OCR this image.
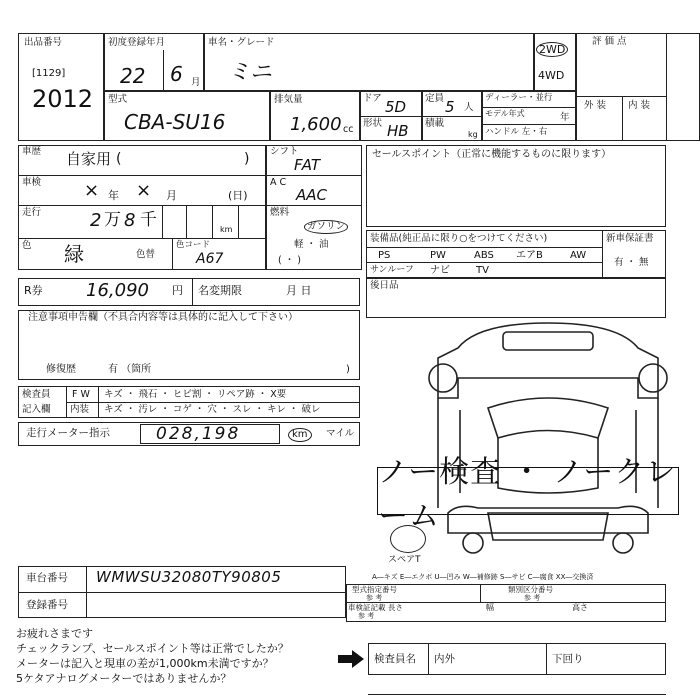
出品番号
[1129]
2012
初度登録年月
22 6 月
車名・グレード
ミニ
2WD
4WD
評 価 点
外 装 内 装
型式
CBA-SU16
排気量
1,600 cc
ドア 5D
形状 HB
定員 5 人
積載
kg
ディーラー・並行
モデル年式	年
ハンドル 左・右
車歴 自家用 (	)
車検 × 年 × 月	(日)
走行	2 万 8 千	km
色 緑	色替
色コード
A67
シフト
FAT
A C
AAC
燃料
ガソリン
軽 ・ 油
( ・ )
セールスポイント（正常に機能するものに限ります）
装備品(純正品に限り○をつけてください)
PS	PW	ABS エアB	AW
サンルーフ ナビ	TV
新車保証書
有 ・ 無
R券 16,090 円 名変期限	月 日	後日品
注意事項申告欄（不具合内容等は具体的に記入して下さい）
修復歴	有 （箇所	)
検査員
記入欄
F W キズ ・ 飛石 ・ ヒビ割 ・ リペア跡 ・ X要
内装 キズ ・ 汚レ ・ コゲ ・ 穴 ・ スレ ・ キレ ・ 破レ
走行メーター指示	028,198	km	マイル
ノー検査 ・ ノークレーム
スペアT
A―キズ E―エクボ U―凹み W―補修跡 S―サビ C―腐食 XX―交換済
車台番号 WMWSU32080TY90805
登録番号
型式指定番号
参 考
類別区分番号
参 考
車検証記載 長さ
参 考
幅	高さ
お疲れさまです
チェックランプ、セールスポイント等は正常でしたか？
メーターは記入と現車の差が1,000km未満ですか？
5ケタアナログメーターではありませんか？
検査員名 内外	下回り
